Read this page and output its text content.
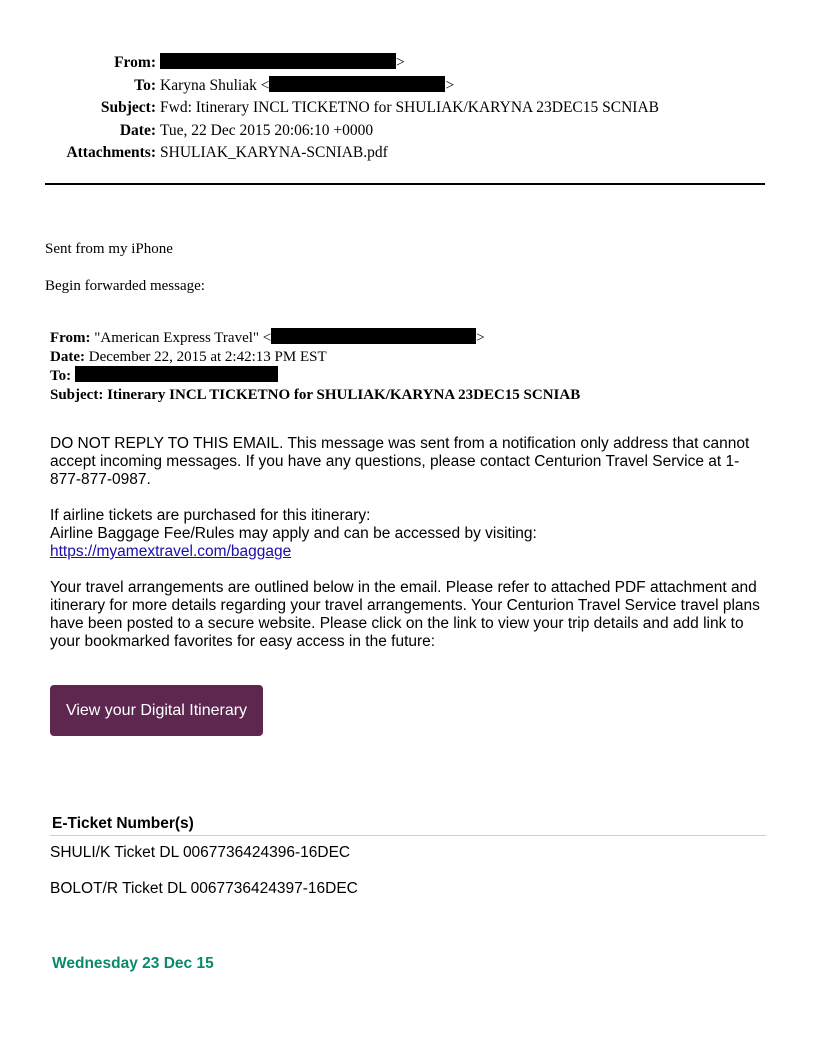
From:	>
To: Karyna Shuliak <	>
Subject: Fwd: Itinerary INCL TICKETNO for SHULIAK/KARYNA 23DEC15 SCNIAB
Date: Tue, 22 Dec 2015 20:06:10 +0000
Attachments: SHULIAK_KARYNA-SCNIAB.pdf
Sent from my iPhone
Begin forwarded message:
From: "American Express Travel" <	>
Date: December 22, 2015 at 2:42:13 PM EST
To:
Subject: Itinerary INCL TICKETNO for SHULIAK/KARYNA 23DEC15 SCNIAB

DO NOT REPLY TO THIS EMAIL. This message was sent from a notification only address that cannot accept incoming messages. If you have any questions, please contact Centurion Travel Service at 1-877-877-0987.

If airline tickets are purchased for this itinerary:

Airline Baggage Fee/Rules may apply and can be accessed by visiting:

https://myamextravel.com/baggage

Your travel arrangements are outlined below in the email. Please refer to attached PDF attachment and itinerary for more details regarding your travel arrangements. Your Centurion Travel Service travel plans have been posted to a secure website. Please click on the link to view your trip details and add link to your bookmarked favorites for easy access in the future:

View your Digital Itinerary
E-Ticket Number(s)
SHULI/K Ticket DL 0067736424396-16DEC
BOLOT/R Ticket DL 0067736424397-16DEC
Wednesday 23 Dec 15
